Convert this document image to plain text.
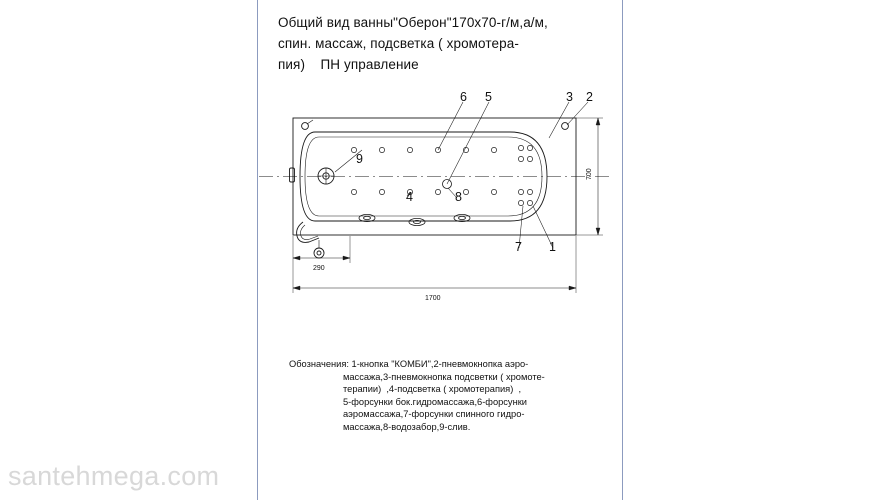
Общий вид ванны"Оберон"170х70-г/м,а/м,
спин. массаж, подсветка ( хромотера-
пия)    ПН управление
290
1700
700
6 5	3 2
9
4	8
7 1
Обозначения: 1-кнопка "КОМБИ",2-пневмокнопка аэро-
массажа,3-пневмокнопка подсветки ( хромоте-
терапии)  ,4-подсветка ( хромотерапия)  ,
5-форсунки бок.гидромассажа,6-форсунки
аэромассажа,7-форсунки спинного гидро-
массажа,8-водозабор,9-слив.
santehmega.com
